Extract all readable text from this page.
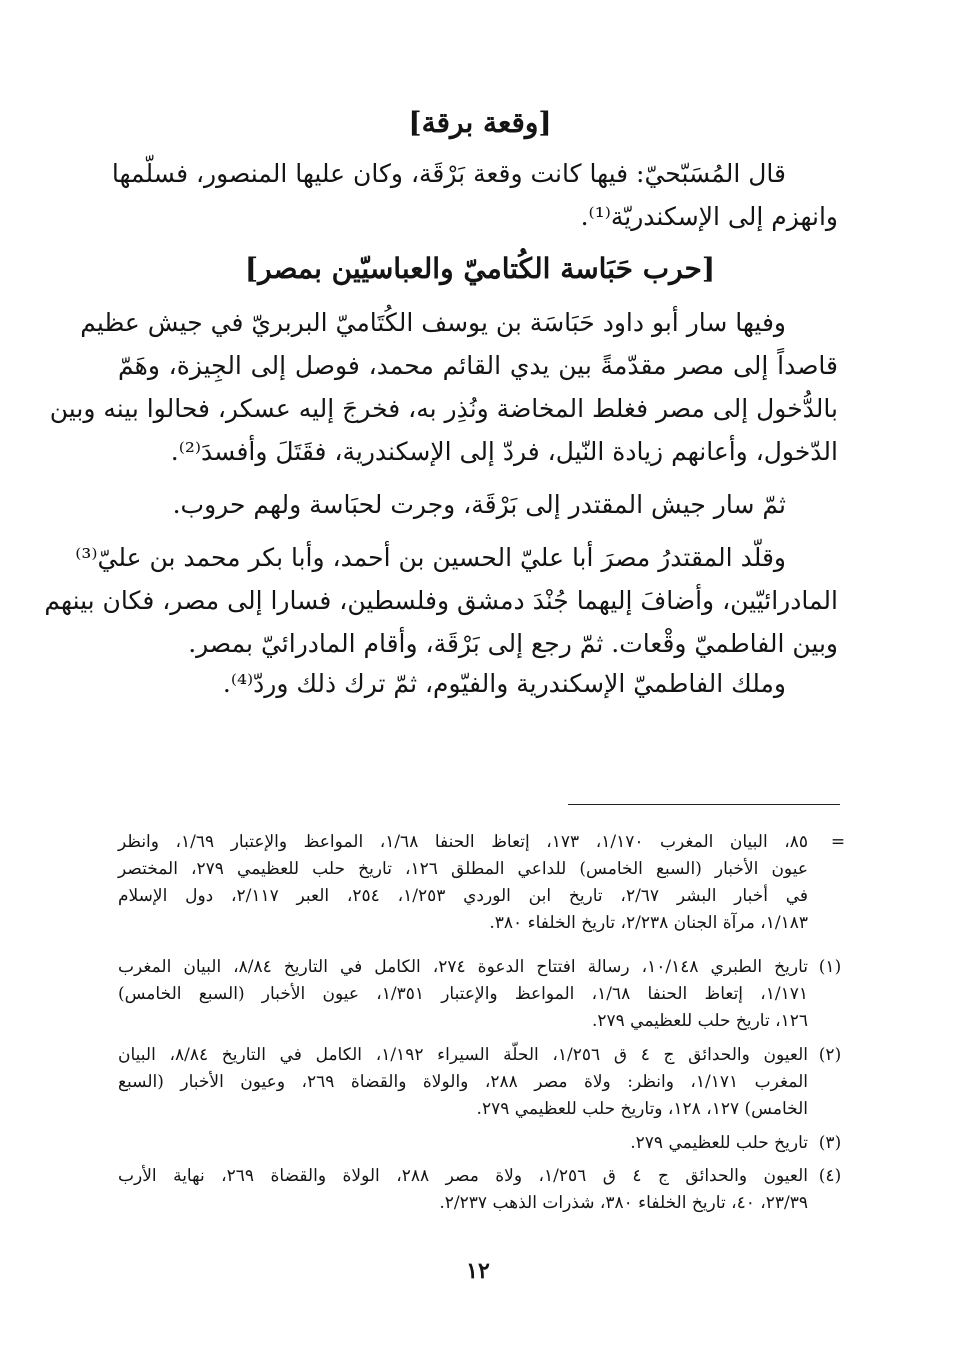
[وقعة برقة]
قال المُسَبّحيّ: فيها كانت وقعة بَرْقَة، وكان عليها المنصور، فسلّمها
وانهزم إلى الإسكندريّة⁽¹⁾.
[حرب حَبَاسة الكُتاميّ والعباسيّين بمصر]
وفيها سار أبو داود حَبَاسَة بن يوسف الكُتَاميّ البربريّ في جيش عظيم
قاصداً إلى مصر مقدّمةً بين يدي القائم محمد، فوصل إلى الجِيزة، وهَمّ
بالدُّخول إلى مصر فغلط المخاضة ونُذِر به، فخرجَ إليه عسكر، فحالوا بينه وبين
الدّخول، وأعانهم زيادة النّيل، فردّ إلى الإسكندرية، فقَتَلَ وأفسدَ⁽²⁾.
ثمّ سار جيش المقتدر إلى بَرْقَة، وجرت لحبَاسة ولهم حروب.
وقلّد المقتدرُ مصرَ أبا عليّ الحسين بن أحمد، وأبا بكر محمد بن عليّ⁽³⁾
المادرائيّين، وأضافَ إليهما جُنْدَ دمشق وفلسطين، فسارا إلى مصر، فكان بينهم
وبين الفاطميّ وقْعات. ثمّ رجع إلى بَرْقَة، وأقام المادرائيّ بمصر.
وملك الفاطميّ الإسكندرية والفيّوم، ثمّ ترك ذلك وردّ⁽⁴⁾.
=
٨٥، البيان المغرب ١/١٧٠، ١٧٣، إتعاظ الحنفا ١/٦٨، المواعظ والإعتبار ١/٦٩، وانظر
عيون الأخبار (السبع الخامس) للداعي المطلق ١٢٦، تاريخ حلب للعظيمي ٢٧٩، المختصر
في أخبار البشر ٢/٦٧، تاريخ ابن الوردي ١/٢٥٣، ٢٥٤، العبر ٢/١١٧، دول الإسلام
١/١٨٣، مرآة الجنان ٢/٢٣٨، تاريخ الخلفاء ٣٨٠.
(١)
تاريخ الطبري ١٠/١٤٨، رسالة افتتاح الدعوة ٢٧٤، الكامل في التاريخ ٨/٨٤، البيان المغرب
١/١٧١، إتعاظ الحنفا ١/٦٨، المواعظ والإعتبار ١/٣٥١، عيون الأخبار (السبع الخامس)
١٢٦، تاريخ حلب للعظيمي ٢٧٩.
(٢)
العيون والحدائق ج ٤ ق ١/٢٥٦، الحلّة السيراء ١/١٩٢، الكامل في التاريخ ٨/٨٤، البيان
المغرب ١/١٧١، وانظر: ولاة مصر ٢٨٨، والولاة والقضاة ٢٦٩، وعيون الأخبار (السبع
الخامس) ١٢٧، ١٢٨، وتاريخ حلب للعظيمي ٢٧٩.
(٣)
تاريخ حلب للعظيمي ٢٧٩.
(٤)
العيون والحدائق ج ٤ ق ١/٢٥٦، ولاة مصر ٢٨٨، الولاة والقضاة ٢٦٩، نهاية الأرب
٢٣/٣٩، ٤٠، تاريخ الخلفاء ٣٨٠، شذرات الذهب ٢/٢٣٧.
١٢
